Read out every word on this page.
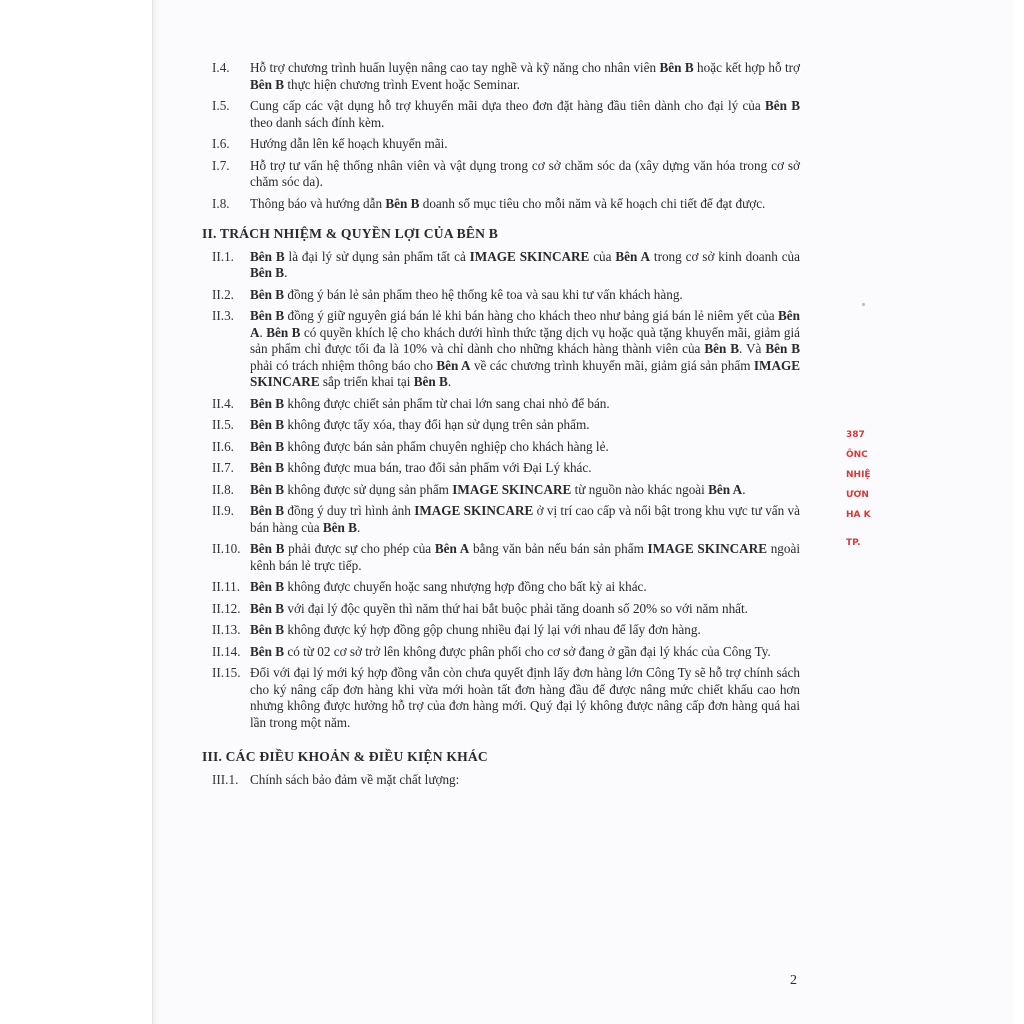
I.4.	Hỗ trợ chương trình huấn luyện nâng cao tay nghề và kỹ năng cho nhân viên Bên B hoặc kết hợp hỗ trợ Bên B thực hiện chương trình Event hoặc Seminar.
I.5.	Cung cấp các vật dụng hỗ trợ khuyến mãi dựa theo đơn đặt hàng đầu tiên dành cho đại lý của Bên B theo danh sách đính kèm.
I.6.	Hướng dẫn lên kế hoạch khuyến mãi.
I.7.	Hỗ trợ tư vấn hệ thống nhân viên và vật dụng trong cơ sở chăm sóc da (xây dựng văn hóa trong cơ sở chăm sóc da).
I.8.	Thông báo và hướng dẫn Bên B doanh số mục tiêu cho mỗi năm và kế hoạch chi tiết để đạt được.
II. TRÁCH NHIỆM & QUYỀN LỢI CỦA BÊN B
II.1.	Bên B là đại lý sử dụng sản phẩm tất cả IMAGE SKINCARE của Bên A trong cơ sở kinh doanh của Bên B.
II.2.	Bên B đồng ý bán lẻ sản phẩm theo hệ thống kê toa và sau khi tư vấn khách hàng.
II.3.	Bên B đồng ý giữ nguyên giá bán lẻ khi bán hàng cho khách theo như bảng giá bán lẻ niêm yết của Bên A. Bên B có quyền khích lệ cho khách dưới hình thức tặng dịch vụ hoặc quà tặng khuyến mãi, giảm giá sản phẩm chỉ được tối đa là 10% và chỉ dành cho những khách hàng thành viên của Bên B. Và Bên B phải có trách nhiệm thông báo cho Bên A về các chương trình khuyến mãi, giảm giá sản phẩm IMAGE SKINCARE sắp triển khai tại Bên B.
II.4.	Bên B không được chiết sản phẩm từ chai lớn sang chai nhỏ để bán.
II.5.	Bên B không được tẩy xóa, thay đổi hạn sử dụng trên sản phẩm.
II.6.	Bên B không được bán sản phẩm chuyên nghiệp cho khách hàng lẻ.
II.7.	Bên B không được mua bán, trao đổi sản phẩm với Đại Lý khác.
II.8.	Bên B không được sử dụng sản phẩm IMAGE SKINCARE từ nguồn nào khác ngoài Bên A.
II.9.	Bên B đồng ý duy trì hình ảnh IMAGE SKINCARE ở vị trí cao cấp và nổi bật trong khu vực tư vấn và bán hàng của Bên B.
II.10. Bên B phải được sự cho phép của Bên A bằng văn bản nếu bán sản phẩm IMAGE SKINCARE ngoài kênh bán lẻ trực tiếp.
II.11. Bên B không được chuyển hoặc sang nhượng hợp đồng cho bất kỳ ai khác.
II.12. Bên B với đại lý độc quyền thì năm thứ hai bắt buộc phải tăng doanh số 20% so với năm nhất.
II.13. Bên B không được ký hợp đồng gộp chung nhiều đại lý lại với nhau để lấy đơn hàng.
II.14. Bên B có từ 02 cơ sở trở lên không được phân phối cho cơ sở đang ở gần đại lý khác của Công Ty.
II.15. Đối với đại lý mới ký hợp đồng vẫn còn chưa quyết định lấy đơn hàng lớn Công Ty sẽ hỗ trợ chính sách cho ký nâng cấp đơn hàng khi vừa mới hoàn tất đơn hàng đầu để được nâng mức chiết khấu cao hơn nhưng không được hưởng hỗ trợ của đơn hàng mới. Quý đại lý không được nâng cấp đơn hàng quá hai lần trong một năm.
III. CÁC ĐIỀU KHOẢN & ĐIỀU KIỆN KHÁC
III.1. Chính sách bảo đảm về mặt chất lượng:
387
ÔNC
NHIỆ
ƯƠN
HA K
TP.
2
